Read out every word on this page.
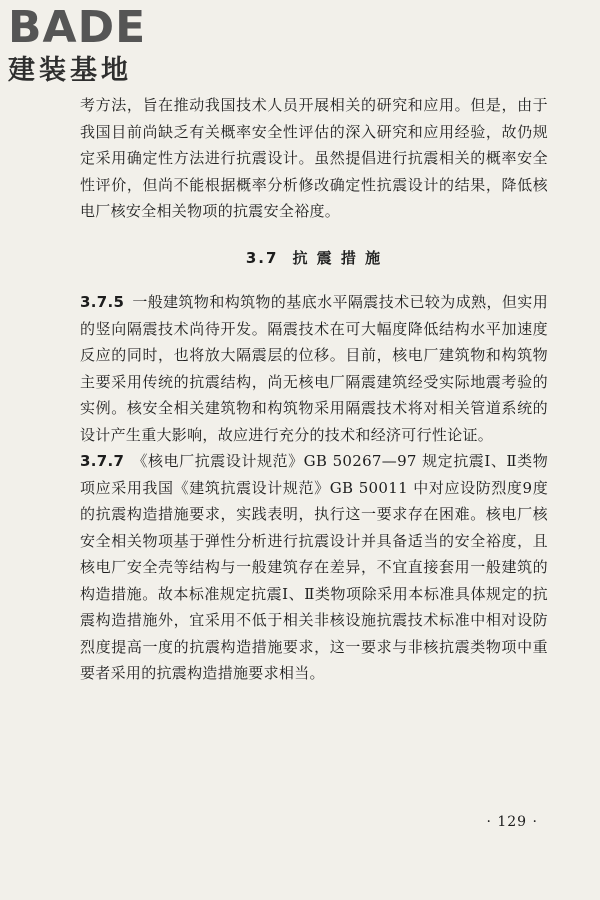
BADE
建装基地

考方法，旨在推动我国技术人员开展相关的研究和应用。但是，由于我国目前尚缺乏有关概率安全性评估的深入研究和应用经验，故仍规定采用确定性方法进行抗震设计。虽然提倡进行抗震相关的概率安全性评价，但尚不能根据概率分析修改确定性抗震设计的结果，降低核电厂核安全相关物项的抗震安全裕度。

3.7 抗 震 措 施

3.7.5 一般建筑物和构筑物的基底水平隔震技术已较为成熟，但实用的竖向隔震技术尚待开发。隔震技术在可大幅度降低结构水平加速度反应的同时，也将放大隔震层的位移。目前，核电厂建筑物和构筑物主要采用传统的抗震结构，尚无核电厂隔震建筑经受实际地震考验的实例。核安全相关建筑物和构筑物采用隔震技术将对相关管道系统的设计产生重大影响，故应进行充分的技术和经济可行性论证。

3.7.7 《核电厂抗震设计规范》GB 50267—97 规定抗震Ⅰ、Ⅱ类物项应采用我国《建筑抗震设计规范》GB 50011 中对应设防烈度9度的抗震构造措施要求，实践表明，执行这一要求存在困难。核电厂核安全相关物项基于弹性分析进行抗震设计并具备适当的安全裕度，且核电厂安全壳等结构与一般建筑存在差异，不宜直接套用一般建筑的构造措施。故本标准规定抗震Ⅰ、Ⅱ类物项除采用本标准具体规定的抗震构造措施外，宜采用不低于相关非核设施抗震技术标准中相对设防烈度提高一度的抗震构造措施要求，这一要求与非核抗震类物项中重要者采用的抗震构造措施要求相当。

· 129 ·
